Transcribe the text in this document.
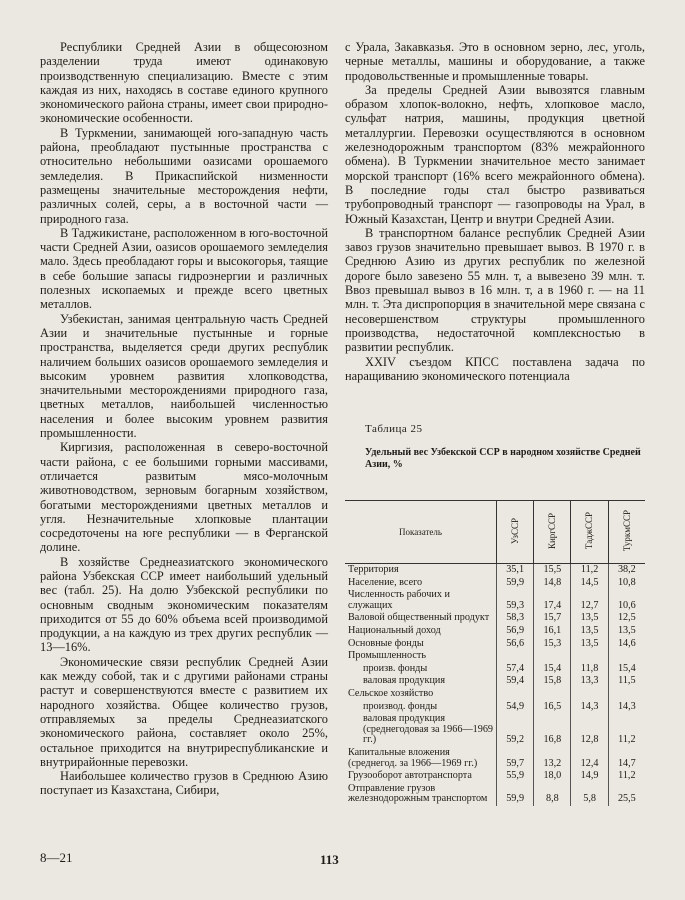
Республики Средней Азии в общесоюзном разделении труда имеют одинаковую производственную специализацию. Вместе с этим каждая из них, находясь в составе единого крупного экономического района страны, имеет свои природно-экономические особенности.

В Туркмении, занимающей юго-западную часть района, преобладают пустынные пространства с относительно небольшими оазисами орошаемого земледелия. В Прикаспийской низменности размещены значительные месторождения нефти, различных солей, серы, а в восточной части — природного газа.

В Таджикистане, расположенном в юго-восточной части Средней Азии, оазисов орошаемого земледелия мало. Здесь преобладают горы и высокогорья, таящие в себе большие запасы гидроэнергии и различных полезных ископаемых и прежде всего цветных металлов.

Узбекистан, занимая центральную часть Средней Азии и значительные пустынные и горные пространства, выделяется среди других республик наличием больших оазисов орошаемого земледелия и высоким уровнем развития хлопководства, значительными месторождениями природного газа, цветных металлов, наибольшей численностью населения и более высоким уровнем развития промышленности.

Киргизия, расположенная в северо-восточной части района, с ее большими горными массивами, отличается развитым мясо-молочным животноводством, зерновым богарным хозяйством, богатыми месторождениями цветных металлов и угля. Незначительные хлопковые плантации сосредоточены на юге республики — в Ферганской долине.

В хозяйстве Среднеазиатского экономического района Узбекская ССР имеет наибольший удельный вес (табл. 25). На долю Узбекской республики по основным сводным экономическим показателям приходится от 55 до 60% объема всей производимой продукции, а на каждую из трех других республик — 13—16%.

Экономические связи республик Средней Азии как между собой, так и с другими районами страны растут и совершенствуются вместе с развитием их народного хозяйства. Общее количество грузов, отправляемых за пределы Среднеазиатского экономического района, составляет около 25%, остальное приходится на внутриреспубликанские и внутрирайонные перевозки.

Наибольшее количество грузов в Среднюю Азию поступает из Казахстана, Сибири,

с Урала, Закавказья. Это в основном зерно, лес, уголь, черные металлы, машины и оборудование, а также продовольственные и промышленные товары.

За пределы Средней Азии вывозятся главным образом хлопок-волокно, нефть, хлопковое масло, сульфат натрия, машины, продукция цветной металлургии. Перевозки осуществляются в основном железнодорожным транспортом (83% межрайонного обмена). В Туркмении значительное место занимает морской транспорт (16% всего межрайонного обмена). В последние годы стал быстро развиваться трубопроводный транспорт — газопроводы на Урал, в Южный Казахстан, Центр и внутри Средней Азии.

В транспортном балансе республик Средней Азии завоз грузов значительно превышает вывоз. В 1970 г. в Среднюю Азию из других республик по железной дороге было завезено 55 млн. т, а вывезено 39 млн. т. Ввоз превышал вывоз в 16 млн. т, а в 1960 г. — на 11 млн. т. Эта диспропорция в значительной мере связана с несовершенством структуры промышленного производства, недостаточной комплексностью в развитии республик.

XXIV съездом КПСС поставлена задача по наращиванию экономического потенциала

Таблица 25
Удельный вес Узбекской ССР в народном хозяйстве Средней Азии, %
Показатель	УзССР	КиргССР	ТаджССР	ТуркмССР
Территория	35,1	15,5	11,2	38,2
Население, всего	59,9	14,8	14,5	10,8
Численность рабочих и служащих	59,3	17,4	12,7	10,6
Валовой общественный продукт	58,3	15,7	13,5	12,5
Национальный доход	56,9	16,1	13,5	13,5
Основные фонды	56,6	15,3	13,5	14,6
Промышленность				
произв. фонды	57,4	15,4	11,8	15,4
валовая продукция	59,4	15,8	13,3	11,5
Сельское хозяйство				
производ. фонды	54,9	16,5	14,3	14,3
валовая продукция (среднегодовая за 1966—1969 гг.)	59,2	16,8	12,8	11,2
Капитальные вложения (среднегод. за 1966—1969 гг.)	59,7	13,2	12,4	14,7
Грузооборот автотранспорта	55,9	18,0	14,9	11,2
Отправление грузов железнодорожным транспортом	59,9	8,8	5,8	25,5
8—21	113
